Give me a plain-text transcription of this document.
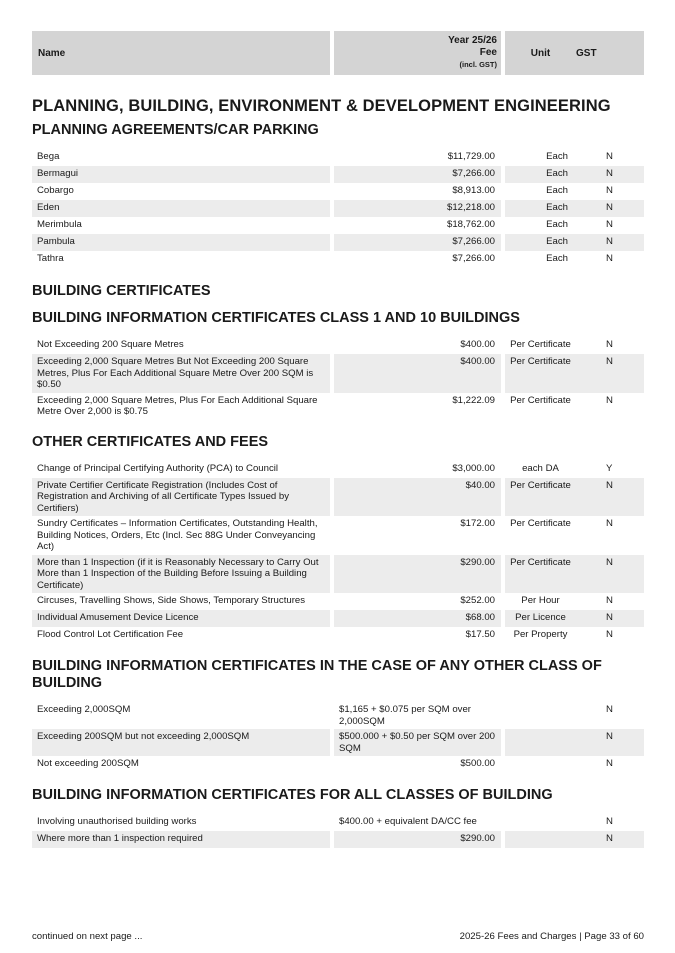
Name		
Year 25/26
Fee
(incl. GST)
		Unit	GST
PLANNING, BUILDING, ENVIRONMENT & DEVELOPMENT ENGINEERING
PLANNING AGREEMENTS/CAR PARKING
Bega		$11,729.00		Each	N
Bermagui		$7,266.00		Each	N
Cobargo		$8,913.00		Each	N
Eden		$12,218.00		Each	N
Merimbula		$18,762.00		Each	N
Pambula		$7,266.00		Each	N
Tathra		$7,266.00		Each	N
BUILDING CERTIFICATES
BUILDING INFORMATION CERTIFICATES CLASS 1 AND 10 BUILDINGS
Not Exceeding 200 Square Metres		$400.00		Per Certificate	N
Exceeding 2,000 Square Metres But Not Exceeding 200 Square Metres, Plus For Each Additional Square Metre Over 200 SQM is $0.50		$400.00		Per Certificate	N
Exceeding 2,000 Square Metres, Plus For Each Additional Square Metre Over 2,000 is $0.75		$1,222.09		Per Certificate	N
OTHER CERTIFICATES AND FEES
Change of Principal Certifying Authority (PCA) to Council		$3,000.00		each DA	Y
Private Certifier Certificate Registration (Includes Cost of Registration and Archiving of all Certificate Types Issued by Certifiers)		$40.00		Per Certificate	N
Sundry Certificates – Information Certificates, Outstanding Health, Building Notices, Orders, Etc (Incl. Sec 88G Under Conveyancing Act)		$172.00		Per Certificate	N
More than 1 Inspection (if it is Reasonably Necessary to Carry Out More than 1 Inspection of the Building Before Issuing a Building Certificate)		$290.00		Per Certificate	N
Circuses, Travelling Shows, Side Shows, Temporary Structures		$252.00		Per Hour	N
Individual Amusement Device Licence		$68.00		Per Licence	N
Flood Control Lot Certification Fee		$17.50		Per Property	N
BUILDING INFORMATION CERTIFICATES IN THE CASE OF ANY OTHER CLASS OF BUILDING
Exceeding 2,000SQM		$1,165 + $0.075 per SQM over 2,000SQM			N
Exceeding 200SQM but not exceeding 2,000SQM		$500.000 + $0.50 per SQM over 200 SQM			N
Not exceeding 200SQM		$500.00			N
BUILDING INFORMATION CERTIFICATES FOR ALL CLASSES OF BUILDING
Involving unauthorised building works		$400.00 + equivalent DA/CC fee			N
Where more than 1 inspection required		$290.00			N
continued on next page ...	2025-26 Fees and Charges | Page 33 of 60
